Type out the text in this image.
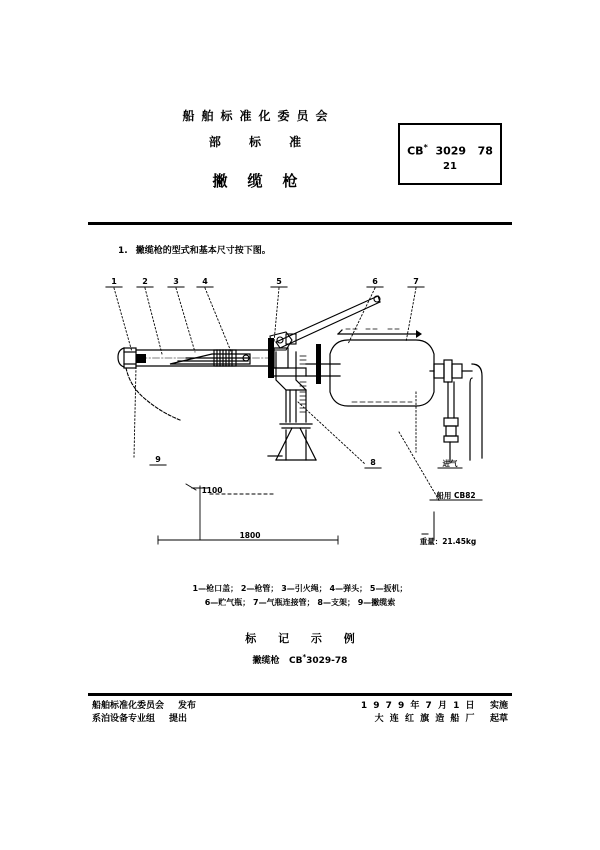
船舶标准化委员会
部 标 准
撇缆枪
CB* 3029 78
21
1. 撇缆枪的型式和基本尺寸按下图。
1	2	3	4	5	6	7
8
9
1100
1800
进气
船用 CB82
重量：21.45kg
1—枪口盖； 2—枪管； 3—引火绳； 4—弹头； 5—扳机；
6—贮气瓶； 7—气瓶连接管； 8—支架； 9—撇缆索
标 记 示 例
撇缆枪 CB*3029-78
船舶标准化委员会 发布
系泊设备专业组 提出
1 9 7 9 年 7 月 1 日 实施
大 连 红 旗 造 船 厂 起草
